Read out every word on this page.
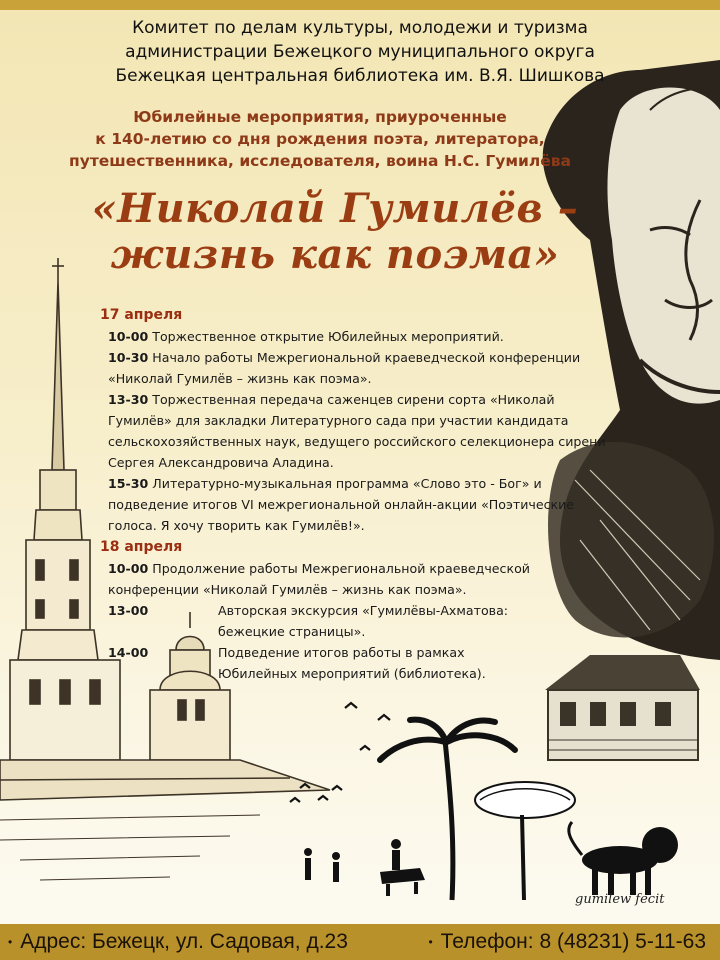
Комитет по делам культуры, молодежи и туризма
администрации Бежецкого муниципального округа
Бежецкая центральная библиотека им. В.Я. Шишкова
Юбилейные мероприятия, приуроченные
к 140-летию со дня рождения поэта, литератора,
путешественника, исследователя, воина Н.С. Гумилёва
«Николай Гумилёв –
жизнь как поэма»
17 апреля
10-00 Торжественное открытие Юбилейных мероприятий.
10-30 Начало работы Межрегиональной краеведческой конференции «Николай Гумилёв – жизнь как поэма».
13-30 Торжественная передача саженцев сирени сорта «Николай Гумилёв» для закладки Литературного сада при участии кандидата сельскохозяйственных наук, ведущего российского селекционера сирени Сергея Александровича Аладина.
15-30 Литературно-музыкальная программа «Слово это - Бог» и подведение итогов VI межрегиональной онлайн-акции «Поэтические голоса. Я хочу творить как Гумилёв!».
18 апреля
10-00 Продолжение работы Межрегиональной краеведческой конференции «Николай Гумилёв – жизнь как поэма».
13-00	Авторская экскурсия «Гумилёвы-Ахматова:
бежецкие страницы».
14-00	Подведение итогов работы в рамках
Юбилейных мероприятий (библиотека).
gumilew fecit
• Адрес: Бежецк, ул. Садовая, д.23	• Телефон: 8 (48231) 5-11-63
